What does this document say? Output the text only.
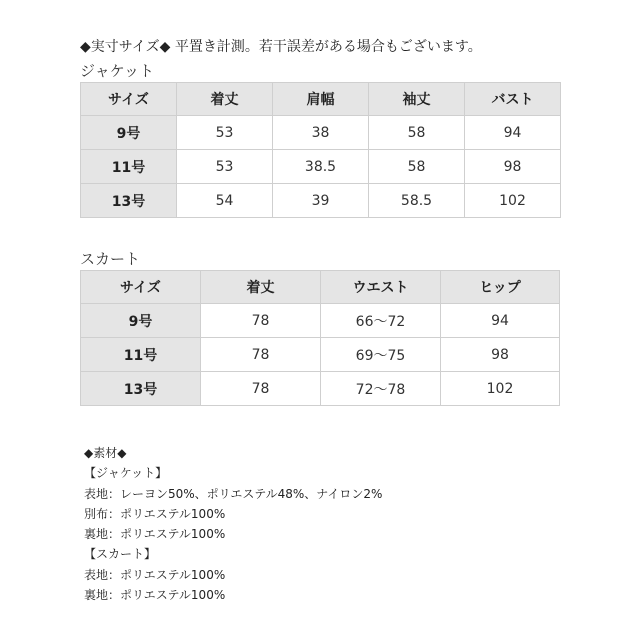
◆実寸サイズ◆ 平置き計測。若干誤差がある場合もございます。
ジャケット
サイズ	着丈	肩幅	袖丈	バスト
9号	53	38	58	94
11号	53	38.5	58	98
13号	54	39	58.5	102
スカート
サイズ	着丈	ウエスト	ヒップ
9号	78	66～72	94
11号	78	69～75	98
13号	78	72～78	102
◆素材◆
【ジャケット】
表地：レーヨン50%、ポリエステル48%、ナイロン2%
別布：ポリエステル100%
裏地：ポリエステル100%
【スカート】
表地：ポリエステル100%
裏地：ポリエステル100%
